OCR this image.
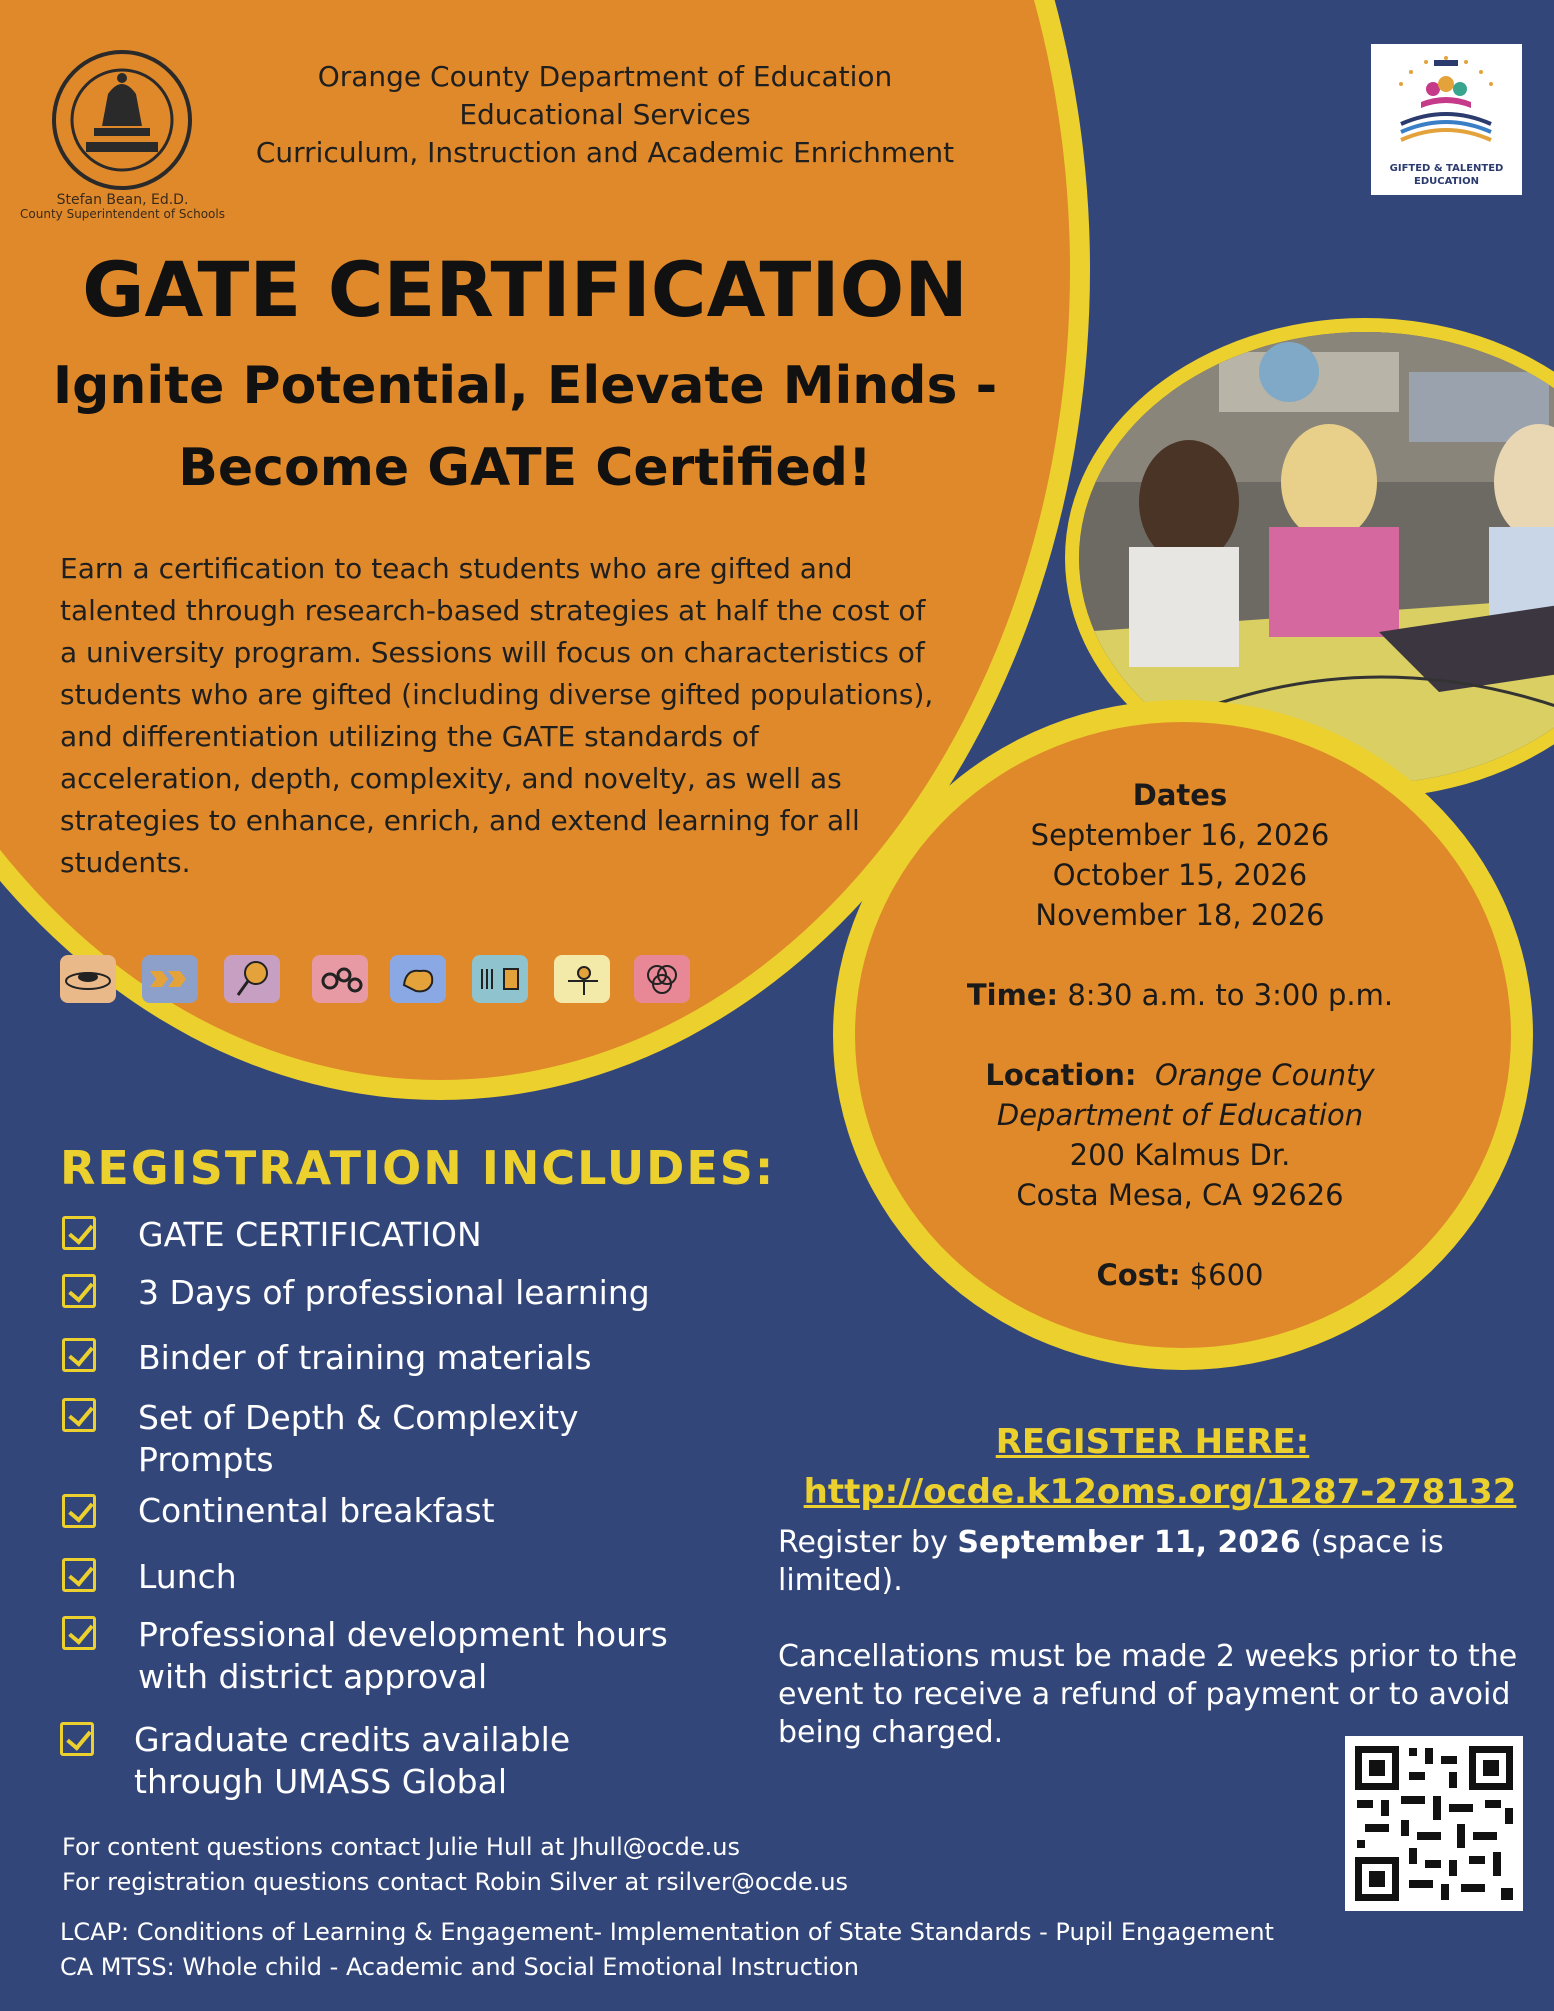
Stefan Bean, Ed.D.
County Superintendent of Schools
Orange County Department of Education
Educational Services
Curriculum, Instruction and Academic Enrichment	GIFTED & TALENTED
EDUCATION
GATE CERTIFICATION
Ignite Potential, Elevate Minds -
Become GATE Certified!
Earn a certification to teach students who are gifted and talented through research-based strategies at half the cost of a university program. Sessions will focus on characteristics of students who are gifted (including diverse gifted populations), and differentiation utilizing the GATE standards of acceleration, depth, complexity, and novelty, as well as strategies to enhance, enrich, and extend learning for all students.
REGISTRATION INCLUDES:
GATE CERTIFICATION
3 Days of professional learning
Binder of training materials
Set of Depth & Complexity
Prompts
Continental breakfast
Lunch
Professional development hours
with district approval
Graduate credits available
through UMASS Global
Dates
September 16, 2026
October 15, 2026
November 18, 2026
Time: 8:30 a.m. to 3:00 p.m.
Location: Orange County
Department of Education
200 Kalmus Dr.
Costa Mesa, CA 92626
Cost: $600
REGISTER HERE:
http://ocde.k12oms.org/1287-278132
Register by September 11, 2026 (space is limited).
Cancellations must be made 2 weeks prior to the event to receive a refund of payment or to avoid being charged.
For content questions contact Julie Hull at Jhull@ocde.us
For registration questions contact Robin Silver at rsilver@ocde.us
LCAP: Conditions of Learning & Engagement- Implementation of State Standards - Pupil Engagement
CA MTSS: Whole child - Academic and Social Emotional Instruction
